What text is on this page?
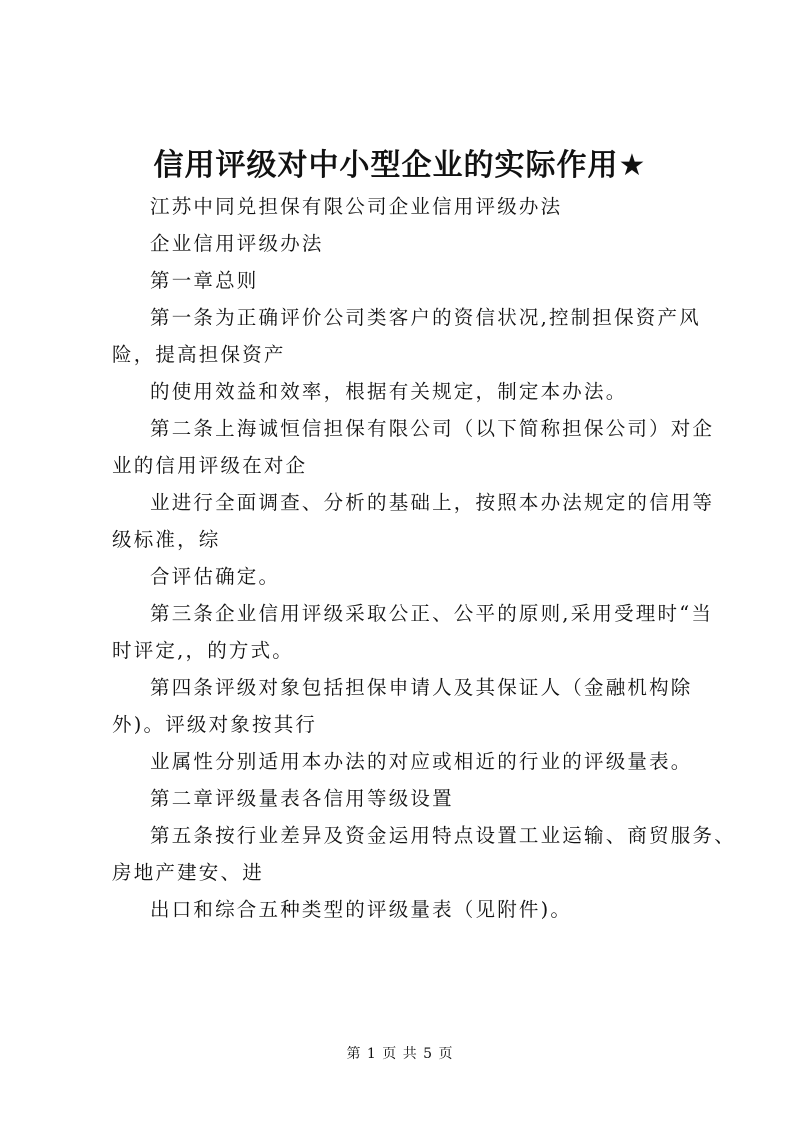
信用评级对中小型企业的实际作用★
江苏中同兑担保有限公司企业信用评级办法
企业信用评级办法
第一章总则
第一条为正确评价公司类客户的资信状况,控制担保资产风
险，提高担保资产
的使用效益和效率，根据有关规定，制定本办法。
第二条上海诚恒信担保有限公司（以下简称担保公司）对企
业的信用评级在对企
业进行全面调查、分析的基础上，按照本办法规定的信用等
级标准，综
合评估确定。
第三条企业信用评级采取公正、公平的原则,采用受理时“当
时评定,，的方式。
第四条评级对象包括担保申请人及其保证人（金融机构除
外)。评级对象按其行
业属性分别适用本办法的对应或相近的行业的评级量表。
第二章评级量表各信用等级设置
第五条按行业差异及资金运用特点设置工业运输、商贸服务、
房地产建安、进
出口和综合五种类型的评级量表（见附件)。
第 1 页 共 5 页
